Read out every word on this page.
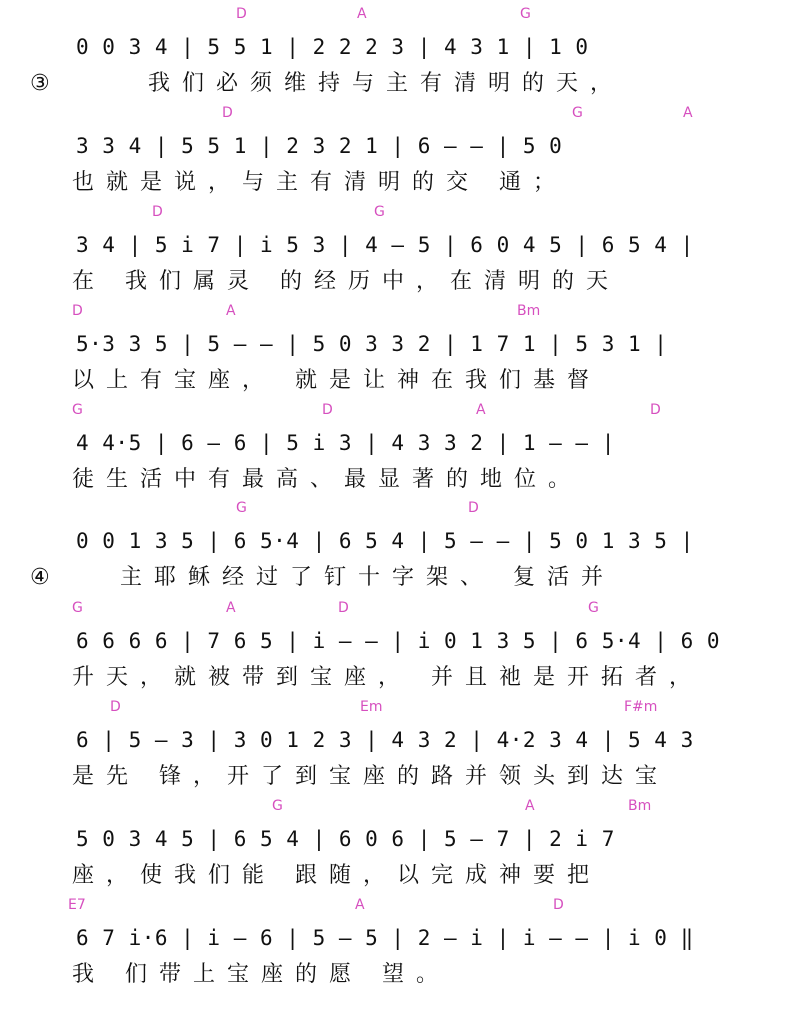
D	A	G
0 0 3 4 | 5 5 1 | 2 2 2 3 | 4 3 1 | 1 0
③	我们必须维持与主有清明的天，
D	G	A
3 3 4 | 5 5 1 | 2 3 2 1 | 6 – – | 5 0
也就是说，与主有清明的交 通；
D	G
3 4 | 5 i 7 | i 5 3 | 4 – 5 | 6 0 4 5 | 6 5 4 |
在 我们属灵 的经历中，在清明的天
D	A	Bm
5·3 3 5 | 5 – – | 5 0 3 3 2 | 1 7 1 | 5 3 1 |
以上有宝座， 就是让神在我们基督
G	D	A	D
4 4·5 | 6 – 6 | 5 i 3 | 4 3 3 2 | 1 – – |
徒生活中有最高、最显著的地位。
G	D
0 0 1 3 5 | 6 5·4 | 6 5 4 | 5 – – | 5 0 1 3 5 |
④	主耶稣经过了钉十字架、 复活并
G	A	D	G
6 6 6 6 | 7 6 5 | i – – | i 0 1 3 5 | 6 5·4 | 6 0
升天，就被带到宝座， 并且祂是开拓者，
D	Em	F#m
6 | 5 – 3 | 3 0 1 2 3 | 4 3 2 | 4·2 3 4 | 5 4 3
是先 锋，开了到宝座的路并领头到达宝
G	A	Bm
5 0 3 4 5 | 6 5 4 | 6 0 6 | 5 – 7 | 2 i 7
座，使我们能 跟随，以完成神要把
E7	A	D
6 7 i·6 | i – 6 | 5 – 5 | 2 – i | i – – | i 0 ‖
我 们带上宝座的愿 望。
